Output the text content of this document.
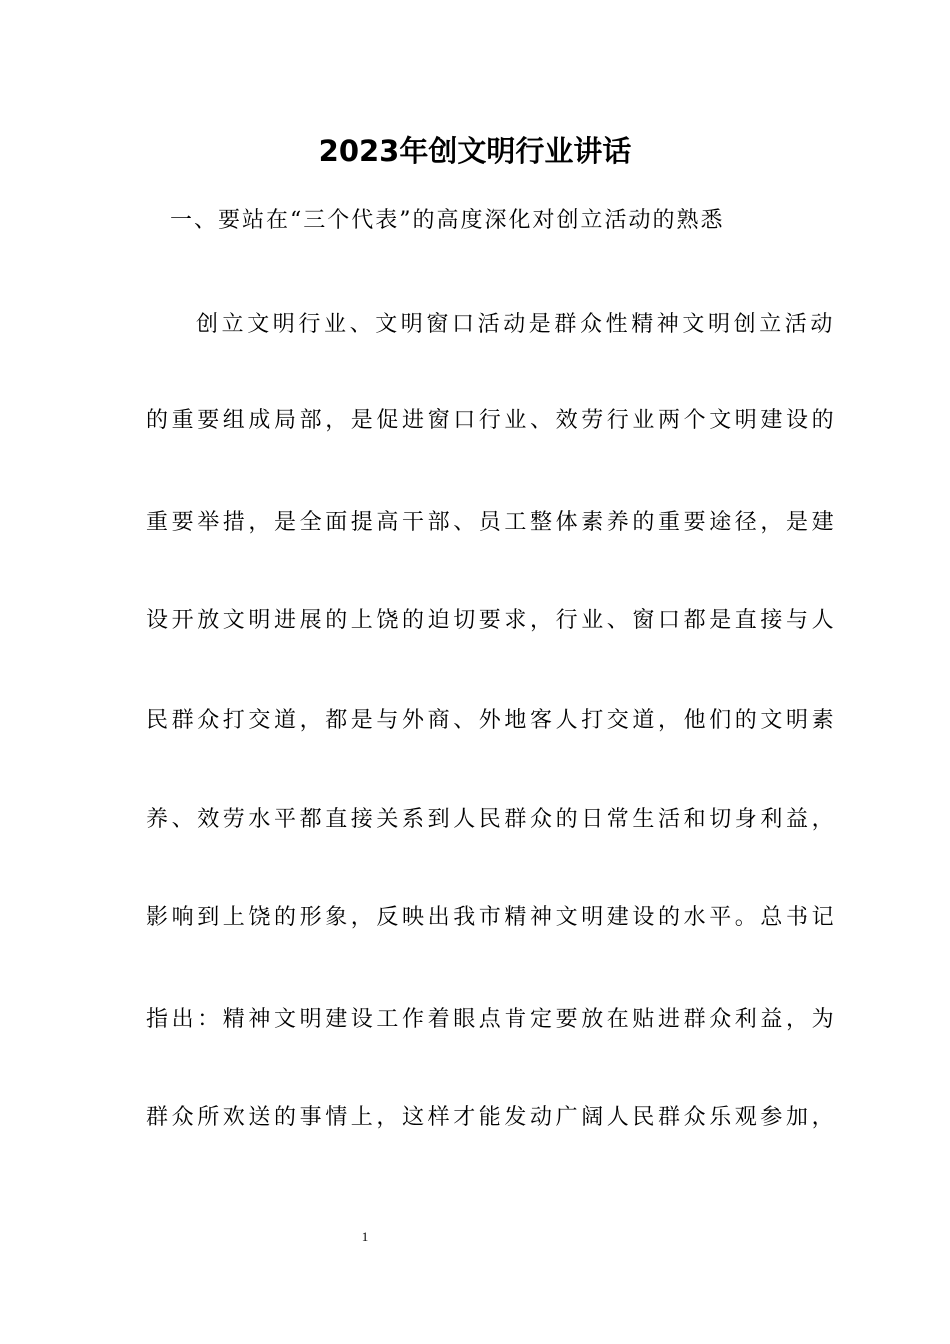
2023年创文明行业讲话
一、要站在“三个代表”的高度深化对创立活动的熟悉
创立文明行业、文明窗口活动是群众性精神文明创立活动
的重要组成局部，是促进窗口行业、效劳行业两个文明建设的
重要举措，是全面提高干部、员工整体素养的重要途径，是建
设开放文明进展的上饶的迫切要求，行业、窗口都是直接与人
民群众打交道，都是与外商、外地客人打交道，他们的文明素
养、效劳水平都直接关系到人民群众的日常生活和切身利益，
影响到上饶的形象，反映出我市精神文明建设的水平。总书记
指出：精神文明建设工作着眼点肯定要放在贴进群众利益，为
群众所欢送的事情上，这样才能发动广阔人民群众乐观参加，
1
